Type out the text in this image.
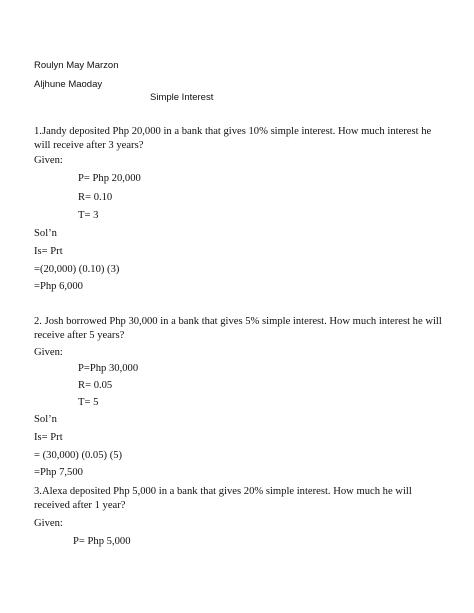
Roulyn May Marzon
Aljhune Maoday
Simple Interest
1.Jandy deposited Php 20,000 in a bank that gives 10% simple interest. How much interest he
will receive after 3 years?
Given:
P= Php 20,000
R= 0.10
T= 3
Sol’n
Is= Prt
=(20,000) (0.10) (3)
=Php 6,000
2. Josh borrowed Php 30,000 in a bank that gives 5% simple interest. How much interest he will
receive after 5 years?
Given:
P=Php 30,000
R= 0.05
T= 5
Sol’n
Is= Prt
= (30,000) (0.05) (5)
=Php 7,500
3.Alexa deposited Php 5,000 in a bank that gives 20% simple interest. How much he will
received after 1 year?
Given:
P= Php 5,000
